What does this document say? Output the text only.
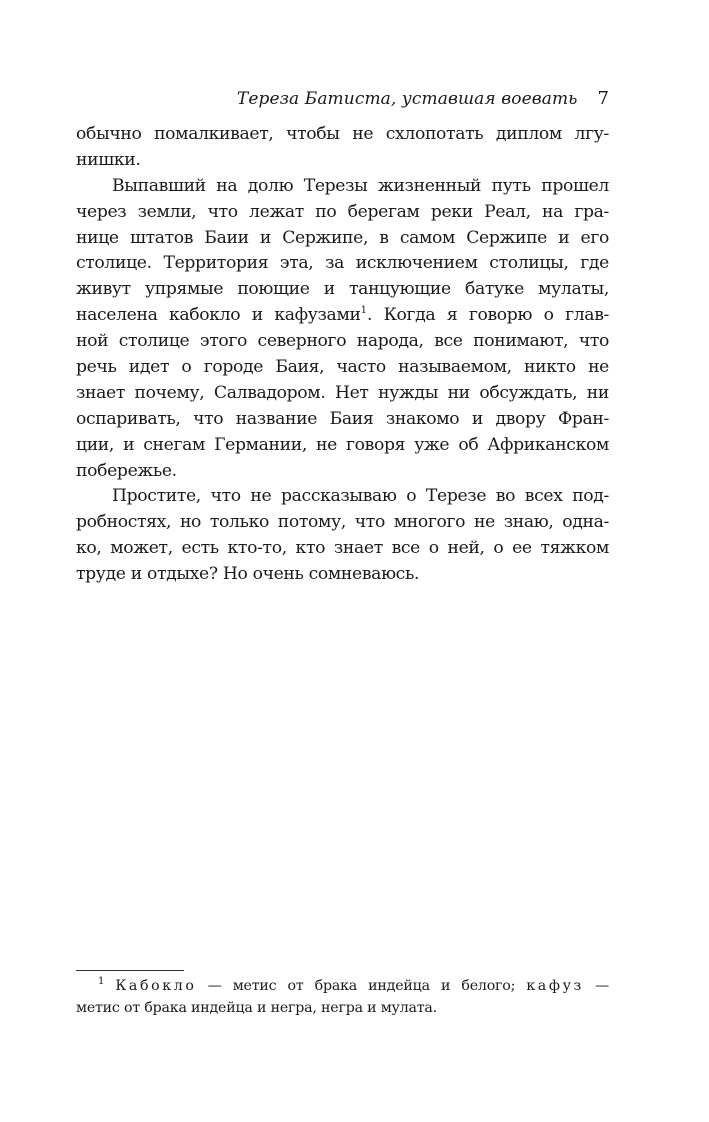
Тереза Батиста, уставшая воевать 7
обычно помалкивает, чтобы не схлопотать диплом лгу-
нишки.
Выпавший на долю Терезы жизненный путь прошел
через земли, что лежат по берегам реки Реал, на гра-
нице штатов Баии и Сержипе, в самом Сержипе и его
столице. Территория эта, за исключением столицы, где
живут упрямые поющие и танцующие батуке мулаты,
населена кабокло и кафузами$^1$. Когда я говорю о глав-
ной столице этого северного народа, все понимают, что
речь идет о городе Баия, часто называемом, никто не
знает почему, Салвадором. Нет нужды ни обсуждать, ни
оспаривать, что название Баия знакомо и двору Фран-
ции, и снегам Германии, не говоря уже об Африканском
побережье.
Простите, что не рассказываю о Терезе во всех под-
робностях, но только потому, что многого не знаю, одна-
ко, может, есть кто-то, кто знает все о ней, о ее тяжком
труде и отдыхе? Но очень сомневаюсь.
$^1$ Кабокло — метис от брака индейца и белого; кафуз —
метис от брака индейца и негра, негра и мулата.
